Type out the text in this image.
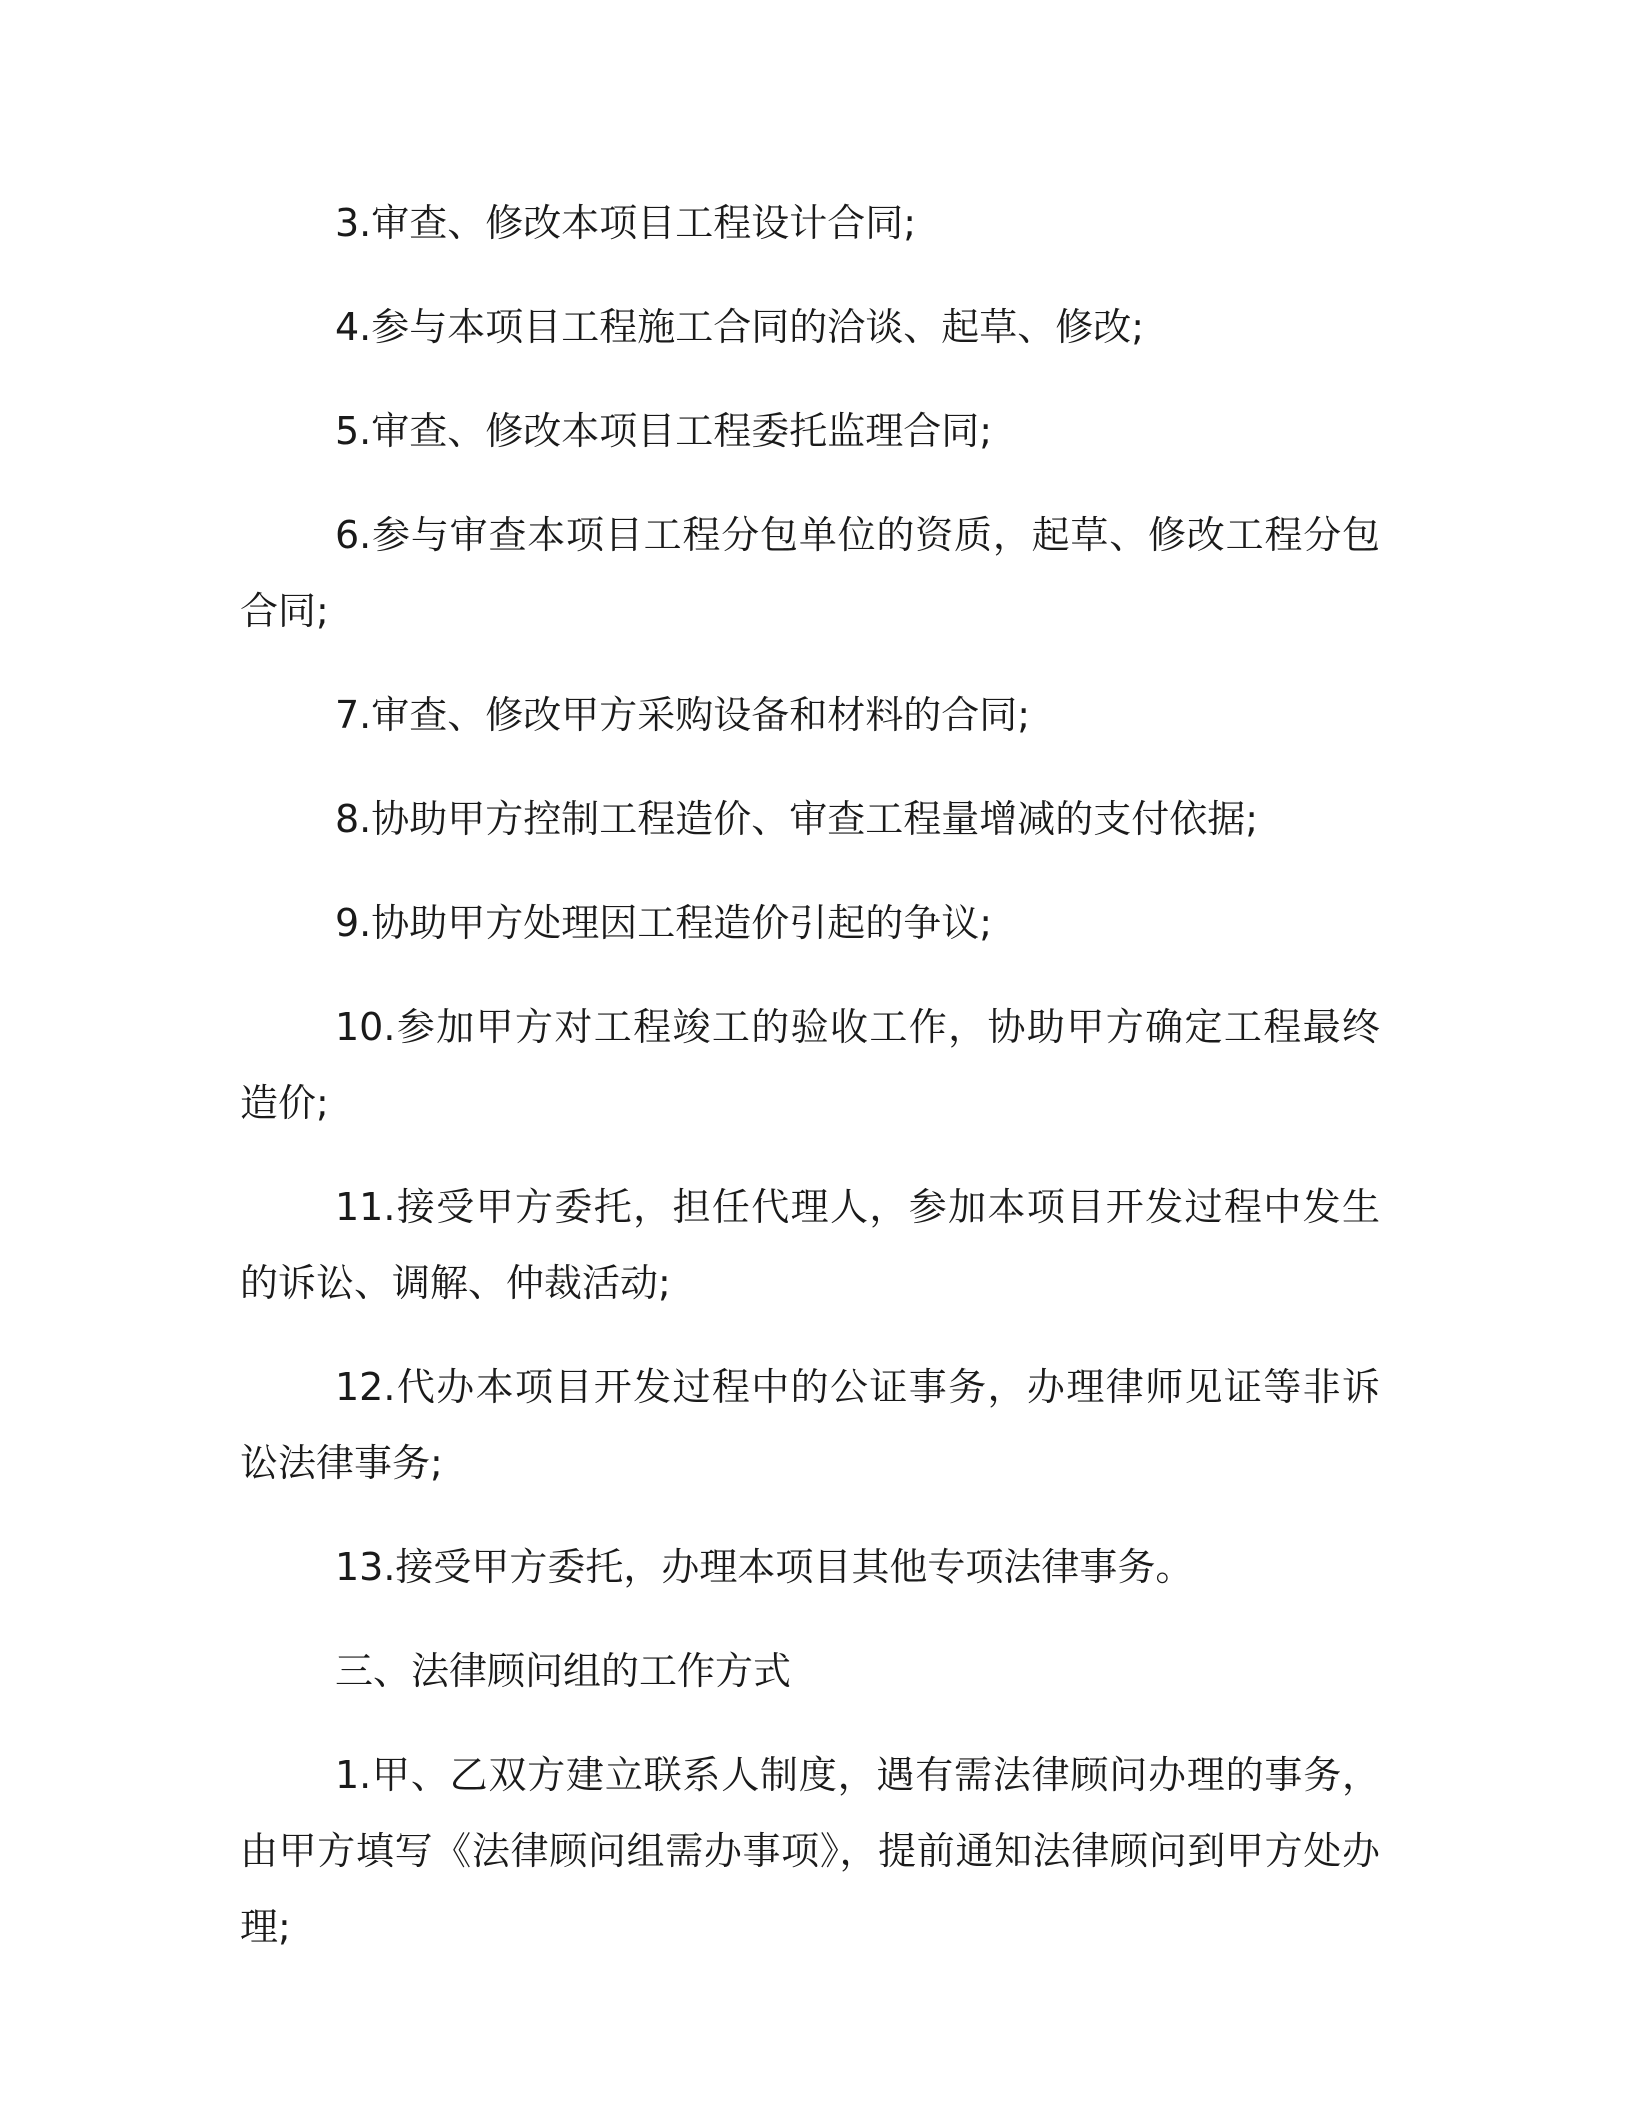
3.审查、修改本项目工程设计合同;

4.参与本项目工程施工合同的洽谈、起草、修改;

5.审查、修改本项目工程委托监理合同;

6.参与审查本项目工程分包单位的资质，起草、修改工程分包合同;

7.审查、修改甲方采购设备和材料的合同;

8.协助甲方控制工程造价、审查工程量增减的支付依据;

9.协助甲方处理因工程造价引起的争议;

10.参加甲方对工程竣工的验收工作，协助甲方确定工程最终造价;

11.接受甲方委托，担任代理人，参加本项目开发过程中发生的诉讼、调解、仲裁活动;

12.代办本项目开发过程中的公证事务，办理律师见证等非诉讼法律事务;

13.接受甲方委托，办理本项目其他专项法律事务。

三、法律顾问组的工作方式

1.甲、乙双方建立联系人制度，遇有需法律顾问办理的事务，由甲方填写《法律顾问组需办事项》，提前通知法律顾问到甲方处办理;
